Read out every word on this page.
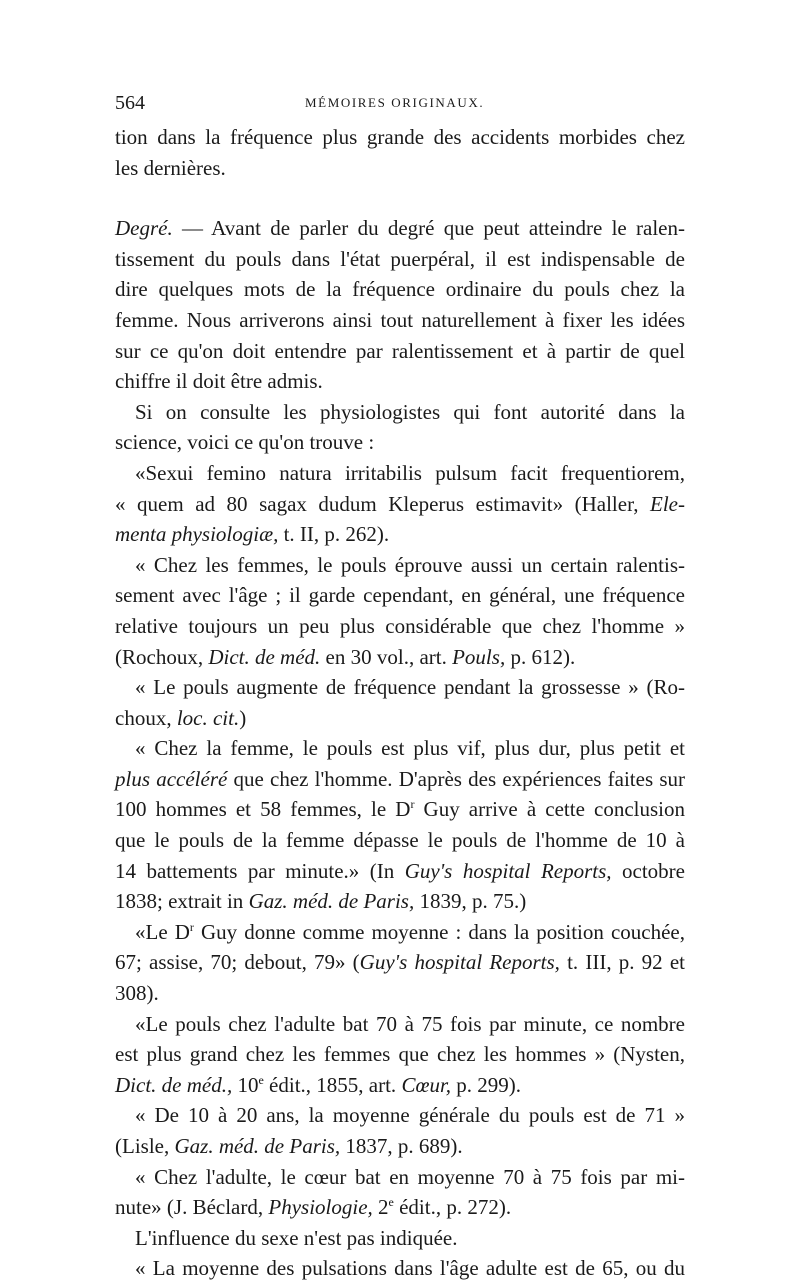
564	MÉMOIRES ORIGINAUX.

tion dans la fréquence plus grande des accidents morbides chez
les dernières.

Degré. — Avant de parler du degré que peut atteindre le ralen-
tissement du pouls dans l'état puerpéral, il est indispensable de
dire quelques mots de la fréquence ordinaire du pouls chez la
femme. Nous arriverons ainsi tout naturellement à fixer les idées
sur ce qu'on doit entendre par ralentissement et à partir de quel
chiffre il doit être admis.

Si on consulte les physiologistes qui font autorité dans la
science, voici ce qu'on trouve :

«Sexui femino natura irritabilis pulsum facit frequentiorem,
« quem ad 80 sagax dudum Kleperus estimavit» (Haller, Ele-
menta physiologiæ, t. II, p. 262).

« Chez les femmes, le pouls éprouve aussi un certain ralentis-
sement avec l'âge ; il garde cependant, en général, une fréquence
relative toujours un peu plus considérable que chez l'homme »
(Rochoux, Dict. de méd. en 30 vol., art. Pouls, p. 612).

« Le pouls augmente de fréquence pendant la grossesse » (Ro-
choux, loc. cit.)

« Chez la femme, le pouls est plus vif, plus dur, plus petit et
plus accéléré que chez l'homme. D'après des expériences faites sur
100 hommes et 58 femmes, le $D^r$ Guy arrive à cette conclusion
que le pouls de la femme dépasse le pouls de l'homme de 10 à
14 battements par minute.» (In Guy's hospital Reports, octobre
1838; extrait in Gaz. méd. de Paris, 1839, p. 75.)

«Le $D^r$ Guy donne comme moyenne : dans la position couchée,
67; assise, 70; debout, 79» (Guy's hospital Reports, t. III, p. 92 et
308).

«Le pouls chez l'adulte bat 70 à 75 fois par minute, ce nombre
est plus grand chez les femmes que chez les hommes » (Nysten,
Dict. de méd., 10e édit., 1855, art. Cœur, p. 299).

« De 10 à 20 ans, la moyenne générale du pouls est de 71 »
(Lisle, Gaz. méd. de Paris, 1837, p. 689).

« Chez l'adulte, le cœur bat en moyenne 70 à 75 fois par mi-
nute» (J. Béclard, Physiologie, 2e édit., p. 272).

L'influence du sexe n'est pas indiquée.

« La moyenne des pulsations dans l'âge adulte est de 65, ou du
